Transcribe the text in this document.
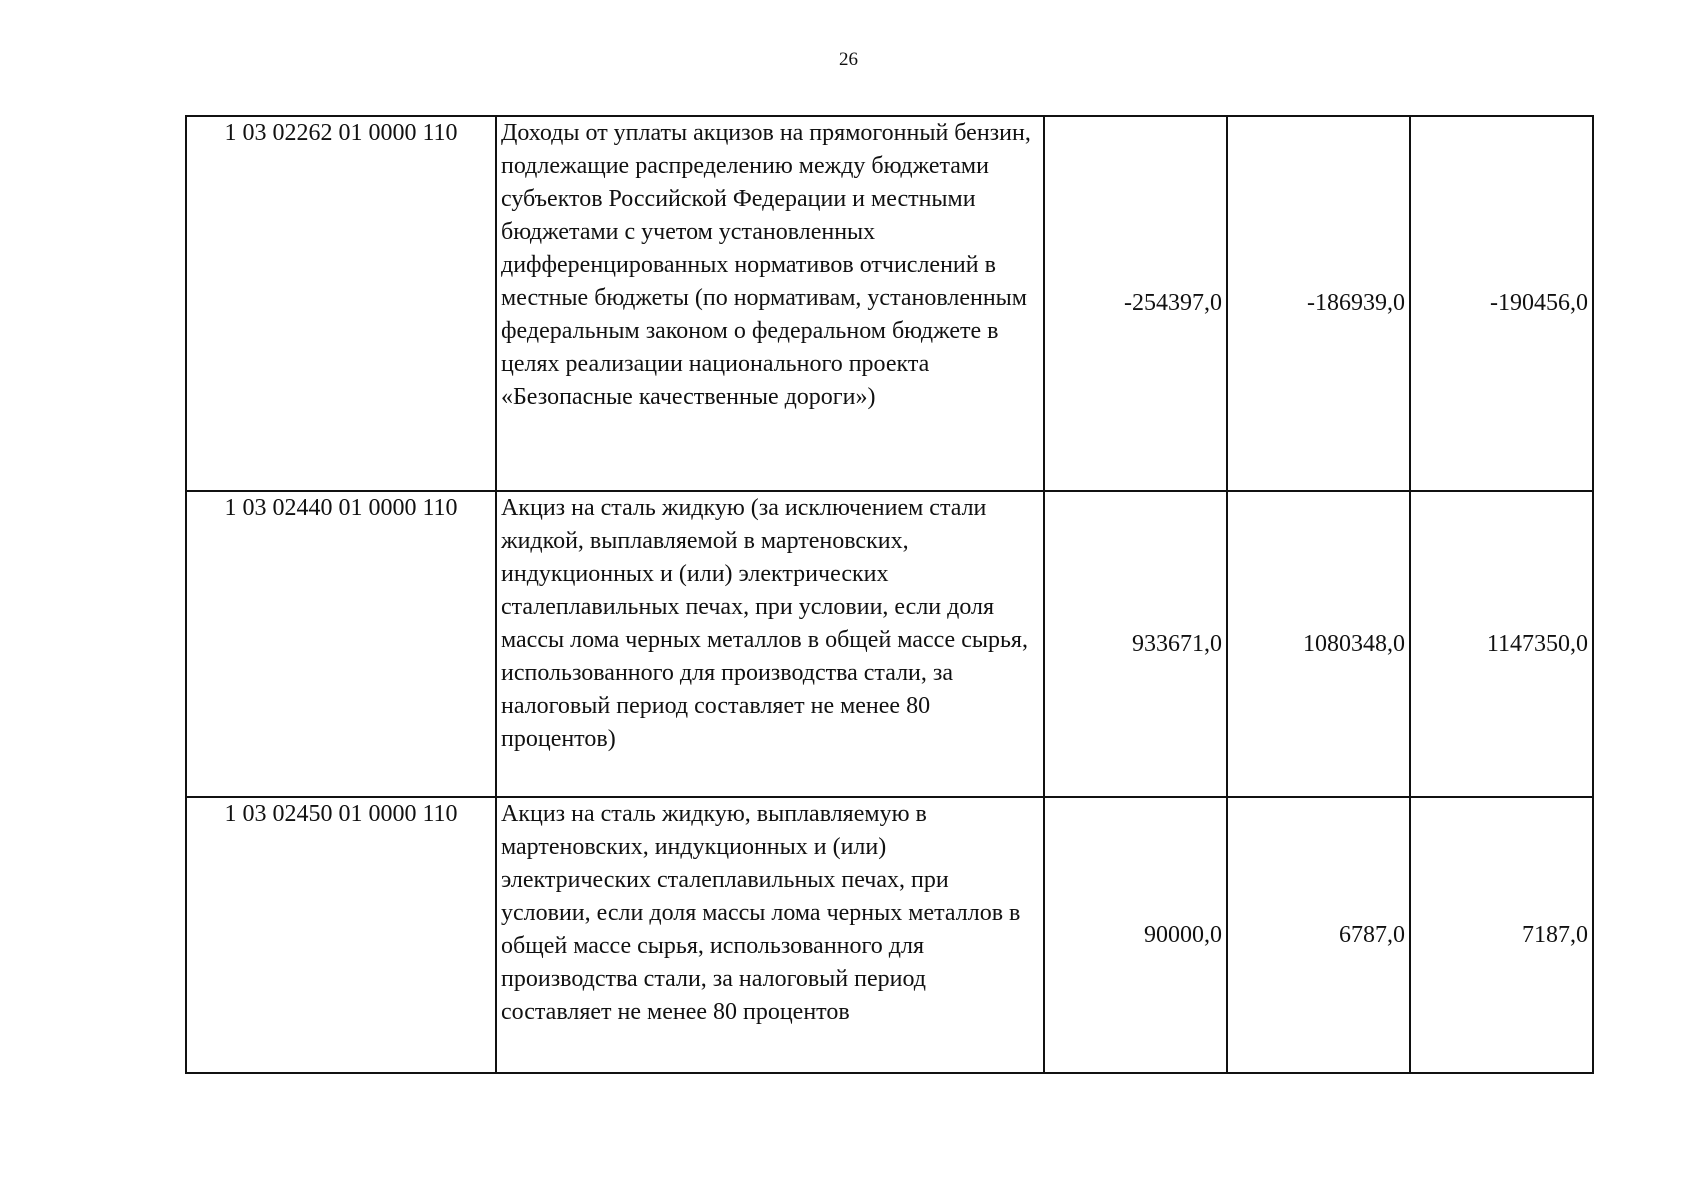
26
1 03 02262 01 0000 110	Доходы от уплаты акцизов на прямогонный бензин, подлежащие распределению между бюджетами субъектов Российской Федерации и местными бюджетами с учетом установленных дифференцированных нормативов отчислений в местные бюджеты (по нормативам, установленным федеральным законом о федеральном бюджете в целях реализации национального проекта «Безопасные качественные дороги»)	-254397,0	-186939,0	-190456,0
1 03 02440 01 0000 110	Акциз на сталь жидкую (за исключением стали жидкой, выплавляемой в мартеновских, индукционных и (или) электрических сталеплавильных печах, при условии, если доля массы лома черных металлов в общей массе сырья, использованного для производства стали, за налоговый период составляет не менее 80 процентов)	933671,0	1080348,0	1147350,0
1 03 02450 01 0000 110	Акциз на сталь жидкую, выплавляемую в мартеновских, индукционных и (или) электрических сталеплавильных печах, при условии, если доля массы лома черных металлов в общей массе сырья, использованного для производства стали, за налоговый период составляет не менее 80 процентов	90000,0	6787,0	7187,0
